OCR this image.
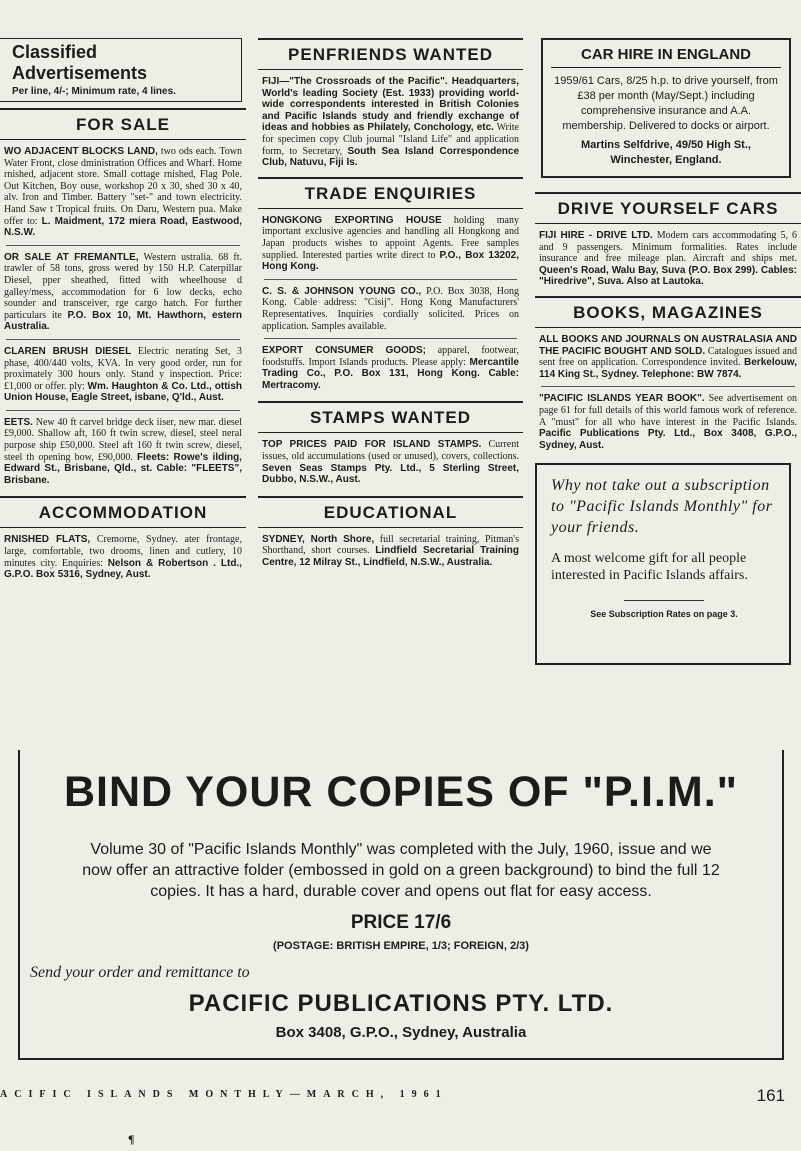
Classified Advertisements
Per line, 4/-; Minimum rate, 4 lines.
FOR SALE
WO ADJACENT BLOCKS LAND, two ods each. Town Water Front, close dministration Offices and Wharf. Home rnished, adjacent store. Small cottage rnished, Flag Pole. Out Kitchen, Boy ouse, workshop 20 x 30, shed 30 x 40, alv. Iron and Timber. Battery "set-" and town electricity. Hand Saw t Tropical fruits. On Daru, Western pua. Make offer to: L. Maidment, 172 miera Road, Eastwood, N.S.W.
OR SALE AT FREMANTLE, Western ustralia. 68 ft. trawler of 58 tons, gross wered by 150 H.P. Caterpillar Diesel, pper sheathed, fitted with wheelhouse d galley/mess, accommodation for 6 low decks, echo sounder and transceiver, rge cargo hatch. For further particulars ite P.O. Box 10, Mt. Hawthorn, estern Australia.
CLAREN BRUSH DIESEL Electric nerating Set, 3 phase, 400/440 volts, KVA. In very good order, run for proximately 300 hours only. Stand y inspection. Price: £1,000 or offer. ply: Wm. Haughton & Co. Ltd., ottish Union House, Eagle Street, isbane, Q'ld., Aust.
EETS. New 40 ft carvel bridge deck iiser, new mar. diesel £9,000. Shallow aft, 160 ft twin screw, diesel, steel neral purpose ship £50,000. Steel aft 160 ft twin screw, diesel, steel th opening bow, £90,000. Fleets: Rowe's ilding, Edward St., Brisbane, Qld., st. Cable: "FLEETS", Brisbane.
ACCOMMODATION
RNISHED FLATS, Cremorne, Sydney. ater frontage, large, comfortable, two drooms, linen and cutlery, 10 minutes city. Enquiries: Nelson & Robertson . Ltd., G.P.O. Box 5316, Sydney, Aust.
PENFRIENDS WANTED
FIJI—"The Crossroads of the Pacific". Headquarters, World's leading Society (Est. 1933) providing world-wide correspondents interested in British Colonies and Pacific Islands study and friendly exchange of ideas and hobbies as Philately, Conchology, etc. Write for specimen copy Club journal "Island Life" and application form, to Secretary, South Sea Island Correspondence Club, Natuvu, Fiji Is.
TRADE ENQUIRIES
HONGKONG EXPORTING HOUSE holding many important exclusive agencies and handling all Hongkong and Japan products wishes to appoint Agents. Free samples supplied. Interested parties write direct to P.O., Box 13202, Hong Kong.
C. S. & JOHNSON YOUNG CO., P.O. Box 3038, Hong Kong. Cable address: "Cisij". Hong Kong Manufacturers' Representatives. Inquiries cordially solicited. Prices on application. Samples available.
EXPORT CONSUMER GOODS; apparel, footwear, foodstuffs. Import Islands products. Please apply: Mercantile Trading Co., P.O. Box 131, Hong Kong. Cable: Mertracomy.
STAMPS WANTED
TOP PRICES PAID FOR ISLAND STAMPS. Current issues, old accumulations (used or unused), covers, collections. Seven Seas Stamps Pty. Ltd., 5 Sterling Street, Dubbo, N.S.W., Aust.
EDUCATIONAL
SYDNEY, North Shore, full secretarial training, Pitman's Shorthand, short courses. Lindfield Secretarial Training Centre, 12 Milray St., Lindfield, N.S.W., Australia.
CAR HIRE IN ENGLAND
1959/61 Cars, 8/25 h.p. to drive yourself, from £38 per month (May/Sept.) including comprehensive insurance and A.A. membership. Delivered to docks or airport.
Martins Selfdrive, 49/50 High St., Winchester, England.
DRIVE YOURSELF CARS
FIJI HIRE - DRIVE LTD. Modern cars accommodating 5, 6 and 9 passengers. Minimum formalities. Rates include insurance and free mileage plan. Aircraft and ships met. Queen's Road, Walu Bay, Suva (P.O. Box 299). Cables: "Hiredrive", Suva. Also at Lautoka.
BOOKS, MAGAZINES
ALL BOOKS AND JOURNALS ON AUSTRALASIA AND THE PACIFIC BOUGHT AND SOLD. Catalogues issued and sent free on application. Correspondence invited. Berkelouw, 114 King St., Sydney. Telephone: BW 7874.
"PACIFIC ISLANDS YEAR BOOK". See advertisement on page 61 for full details of this world famous work of reference. A "must" for all who have interest in the Pacific Islands. Pacific Publications Pty. Ltd., Box 3408, G.P.O., Sydney, Aust.
Why not take out a subscription to "Pacific Islands Monthly" for your friends.
A most welcome gift for all people interested in Pacific Islands affairs.
See Subscription Rates on page 3.
BIND YOUR COPIES OF "P.I.M."
Volume 30 of "Pacific Islands Monthly" was completed with the July, 1960, issue and we now offer an attractive folder (embossed in gold on a green background) to bind the full 12 copies. It has a hard, durable cover and opens out flat for easy access.
PRICE 17/6
(POSTAGE: BRITISH EMPIRE, 1/3; FOREIGN, 2/3)
Send your order and remittance to
PACIFIC PUBLICATIONS PTY. LTD.
Box 3408, G.P.O., Sydney, Australia
ACIFIC ISLANDS MONTHLY—MARCH, 1961	161
¶
